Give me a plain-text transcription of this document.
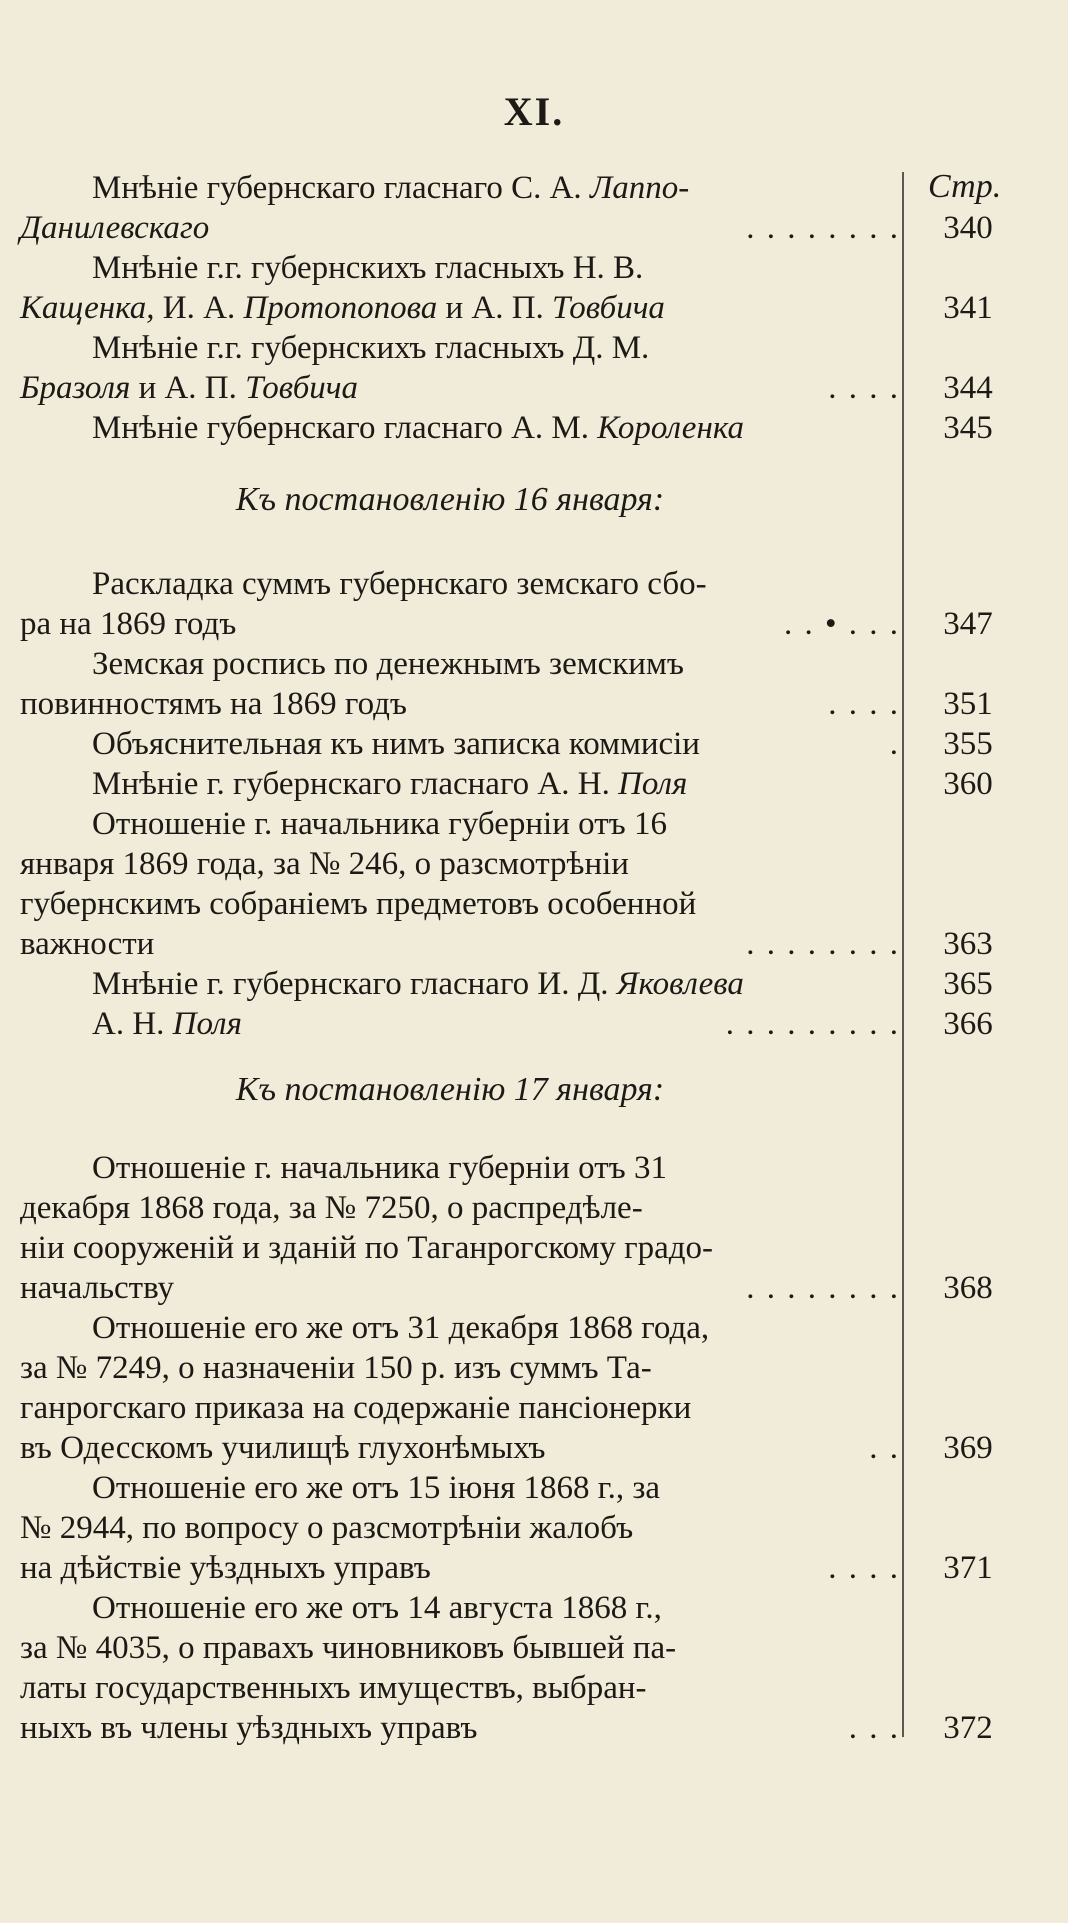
XI.
Стр.
Мнѣніе губернскаго гласнаго С. А. Лаппо-
Данилевскаго	. . . . . . . .	340
Мнѣніе г.г. губернскихъ гласныхъ Н. В.
Кащенка, И. А. Протопопова и А. П. Товбича	341
Мнѣніе г.г. губернскихъ гласныхъ Д. М.
Бразоля и А. П. Товбича	. . . .	344
Мнѣніе губернскаго гласнаго А. М. Короленка	345
Къ постановленію 16 января:
Раскладка суммъ губернскаго земскаго сбо-
ра на 1869 годъ	. . • . . .	347
Земская роспись по денежнымъ земскимъ
повинностямъ на 1869 годъ	. . . .	351
Объяснительная къ нимъ записка коммисіи	.	355
Мнѣніе г. губернскаго гласнаго А. Н. Поля	360
Отношеніе г. начальника губерніи отъ 16
января 1869 года, за № 246, о разсмотрѣніи
губернскимъ собраніемъ предметовъ особенной
важности	. . . . . . . .	363
Мнѣніе г. губернскаго гласнаго И. Д. Яковлева	365
А. Н. Поля	. . . . . . . . .	366
Къ постановленію 17 января:
Отношеніе г. начальника губерніи отъ 31
декабря 1868 года, за № 7250, о распредѣле-
ніи сооруженій и зданій по Таганрогскому градо-
начальству	. . . . . . . .	368
Отношеніе его же отъ 31 декабря 1868 года,
за № 7249, о назначеніи 150 р. изъ суммъ Та-
ганрогскаго приказа на содержаніе пансіонерки
въ Одесскомъ училищѣ глухонѣмыхъ	. .	369
Отношеніе его же отъ 15 іюня 1868 г., за
№ 2944, по вопросу о разсмотрѣніи жалобъ
на дѣйствіе уѣздныхъ управъ	. . . .	371
Отношеніе его же отъ 14 августа 1868 г.,
за № 4035, о правахъ чиновниковъ бывшей па-
латы государственныхъ имуществъ, выбран-
ныхъ въ члены уѣздныхъ управъ	. . .	372
